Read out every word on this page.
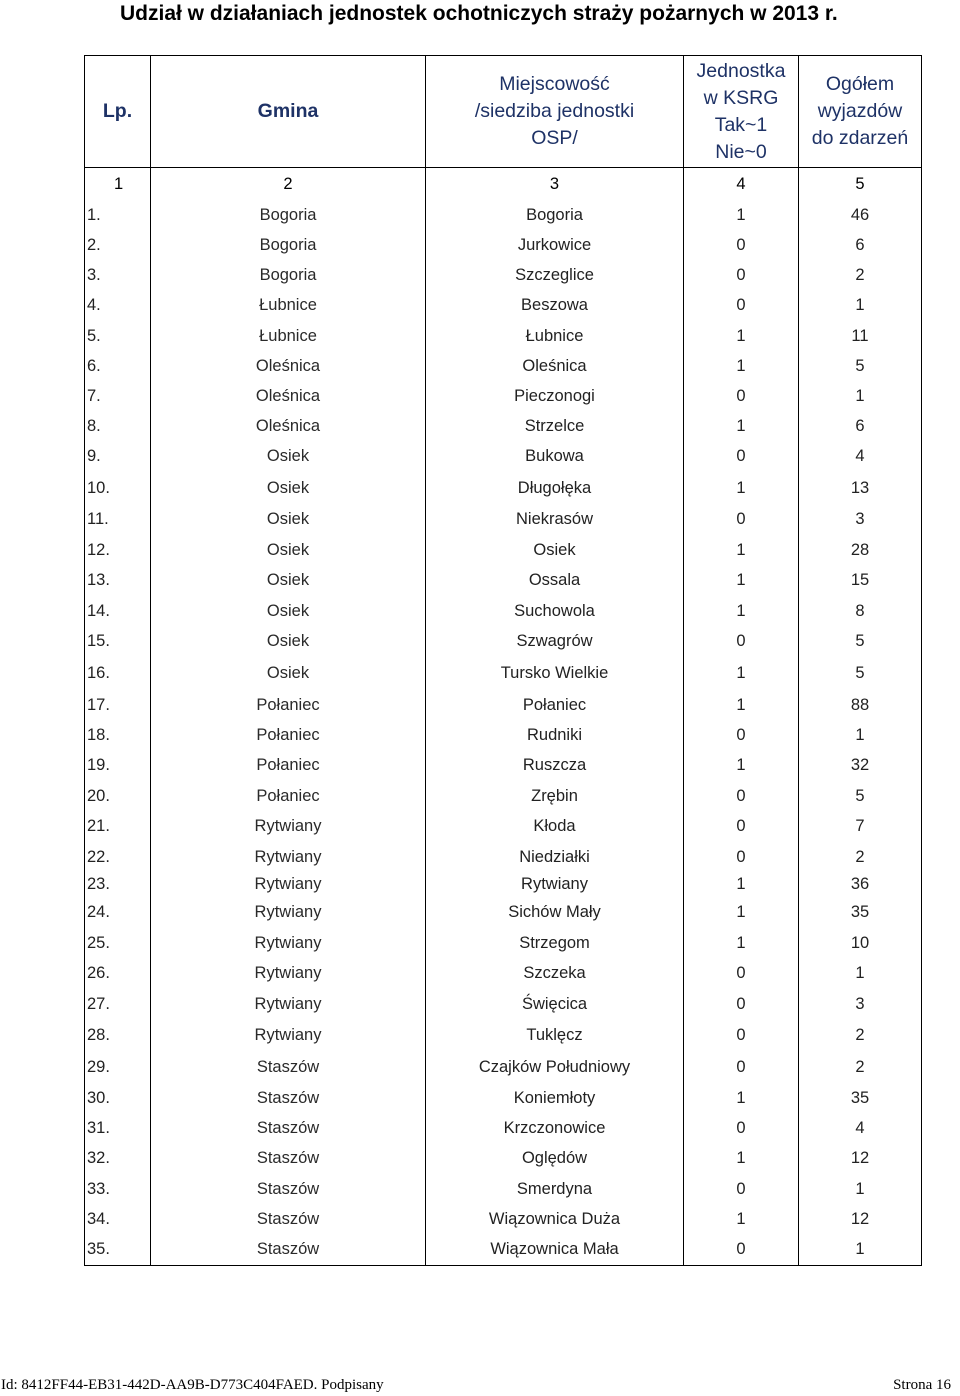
Udział w działaniach jednostek ochotniczych straży pożarnych w 2013 r.
Lp.	Gmina	Miejscowość /siedziba jednostki OSP/	Jednostka w KSRG Tak~1 Nie~0	Ogółem wyjazdów do zdarzeń
1	2	3	4	5
1.	Bogoria	Bogoria	1	46
2.	Bogoria	Jurkowice	0	6
3.	Bogoria	Szczeglice	0	2
4.	Łubnice	Beszowa	0	1
5.	Łubnice	Łubnice	1	11
6.	Oleśnica	Oleśnica	1	5
7.	Oleśnica	Pieczonogi	0	1
8.	Oleśnica	Strzelce	1	6
9.	Osiek	Bukowa	0	4
10.	Osiek	Długołęka	1	13
11.	Osiek	Niekrasów	0	3
12.	Osiek	Osiek	1	28
13.	Osiek	Ossala	1	15
14.	Osiek	Suchowola	1	8
15.	Osiek	Szwagrów	0	5
16.	Osiek	Tursko Wielkie	1	5
17.	Połaniec	Połaniec	1	88
18.	Połaniec	Rudniki	0	1
19.	Połaniec	Ruszcza	1	32
20.	Połaniec	Zrębin	0	5
21.	Rytwiany	Kłoda	0	7
22.	Rytwiany	Niedziałki	0	2
23.	Rytwiany	Rytwiany	1	36
24.	Rytwiany	Sichów Mały	1	35
25.	Rytwiany	Strzegom	1	10
26.	Rytwiany	Szczeka	0	1
27.	Rytwiany	Święcica	0	3
28.	Rytwiany	Tuklęcz	0	2
29.	Staszów	Czajków Południowy	0	2
30.	Staszów	Koniemłoty	1	35
31.	Staszów	Krzczonowice	0	4
32.	Staszów	Oględów	1	12
33.	Staszów	Smerdyna	0	1
34.	Staszów	Wiązownica Duża	1	12
35.	Staszów	Wiązownica Mała	0	1
Id: 8412FF44-EB31-442D-AA9B-D773C404FAED. Podpisany	Strona 16
